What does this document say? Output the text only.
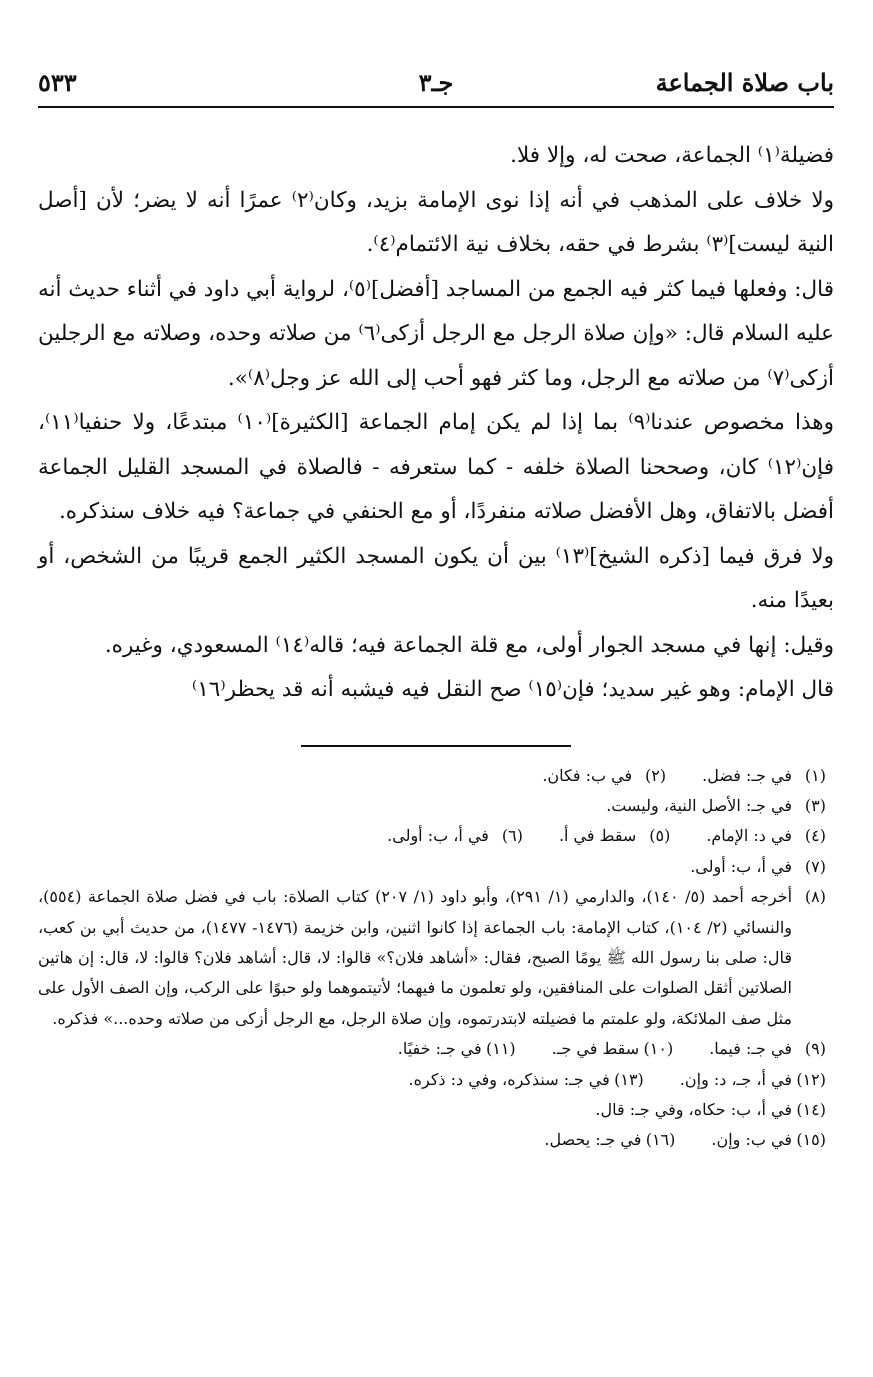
باب صلاة الجماعة
جـ٣
٥٣٣

فضيلة⁽١⁾ الجماعة، صحت له، وإلا فلا.

ولا خلاف على المذهب في أنه إذا نوى الإمامة بزيد، وكان⁽٢⁾ عمرًا أنه لا يضر؛ لأن [أصل النية ليست]⁽٣⁾ بشرط في حقه، بخلاف نية الائتمام⁽٤⁾.

قال: وفعلها فيما كثر فيه الجمع من المساجد [أفضل]⁽٥⁾، لرواية أبي داود في أثناء حديث أنه عليه السلام قال: «وإن صلاة الرجل مع الرجل أزكى⁽٦⁾ من صلاته وحده، وصلاته مع الرجلين أزكى⁽٧⁾ من صلاته مع الرجل، وما كثر فهو أحب إلى الله عز وجل⁽٨⁾».

وهذا مخصوص عندنا⁽٩⁾ بما إذا لم يكن إمام الجماعة [الكثيرة]⁽١٠⁾ مبتدعًا، ولا حنفيا⁽١١⁾، فإن⁽١٢⁾ كان، وصححنا الصلاة خلفه - كما ستعرفه - فالصلاة في المسجد القليل الجماعة أفضل بالاتفاق، وهل الأفضل صلاته منفردًا، أو مع الحنفي في جماعة؟ فيه خلاف سنذكره.

ولا فرق فيما [ذكره الشيخ]⁽١٣⁾ بين أن يكون المسجد الكثير الجمع قريبًا من الشخص، أو بعيدًا منه.

وقيل: إنها في مسجد الجوار أولى، مع قلة الجماعة فيه؛ قاله⁽١٤⁾ المسعودي، وغيره.

قال الإمام: وهو غير سديد؛ فإن⁽١٥⁾ صح النقل فيه فيشبه أنه قد يحظر⁽١٦⁾

(١)
في جـ: فضل.
(٢)
في ب: فكان.
(٣)
في جـ: الأصل النية، وليست.
(٤)
في د: الإمام.
(٥)
سقط في أ.
(٦)
في أ، ب: أولى.
(٧)
في أ، ب: أولى.
(٨)
أخرجه أحمد (٥/ ١٤٠)، والدارمي (١/ ٢٩١)، وأبو داود (١/ ٢٠٧) كتاب الصلاة: باب في فضل صلاة الجماعة (٥٥٤)، والنسائي (٢/ ١٠٤)، كتاب الإمامة: باب الجماعة إذا كانوا اثنين، وابن خزيمة (١٤٧٦- ١٤٧٧)، من حديث أبي بن كعب، قال: صلى بنا رسول الله ﷺ يومًا الصبح، فقال: «أشاهد فلان؟» قالوا: لا، قال: أشاهد فلان؟ قالوا: لا، قال: إن هاتين الصلاتين أثقل الصلوات على المنافقين، ولو تعلمون ما فيهما؛ لأتيتموهما ولو حبوًا على الركب، وإن الصف الأول على مثل صف الملائكة، ولو علمتم ما فضيلته لابتدرتموه، وإن صلاة الرجل، مع الرجل أزكى من صلاته وحده...» فذكره.
(٩)
في جـ: فيما.
(١٠)
سقط في جـ.
(١١)
في جـ: خفيًا.
(١٢)
في أ، جـ، د: وإن.
(١٣)
في جـ: سنذكره، وفي د: ذكره.
(١٤)
في أ، ب: حكاه، وفي جـ: قال.
(١٥)
في ب: وإن.
(١٦)
في جـ: يحصل.
